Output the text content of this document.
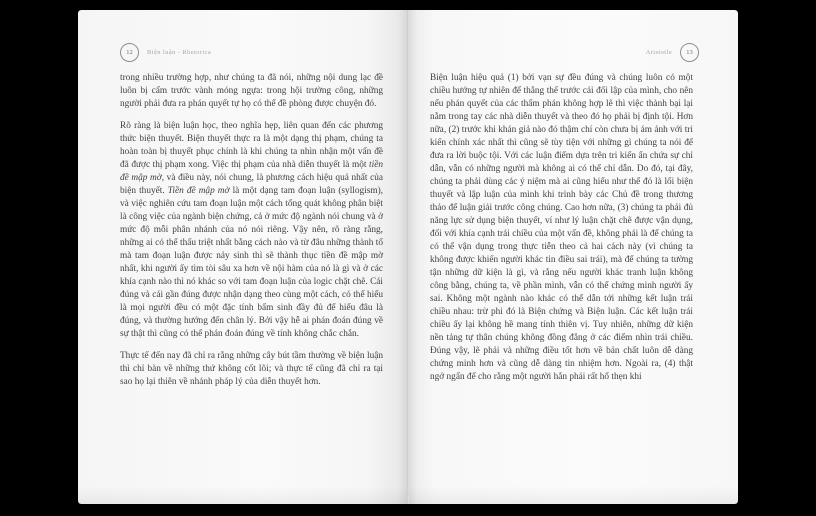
12	Biện luận - Rhetorica

trong nhiều trường hợp, như chúng ta đã nói, những nội dung lạc đề luôn bị cấm trước vành móng ngựa: trong hội trường công, những người phải đưa ra phán quyết tự họ có thể đề phòng được chuyện đó.

Rõ ràng là biện luận học, theo nghĩa hẹp, liên quan đến các phương thức biện thuyết. Biện thuyết thực ra là một dạng thị phạm, chúng ta hoàn toàn bị thuyết phục chính là khi chúng ta nhìn nhận một vấn đề đã được thị phạm xong. Việc thị phạm của nhà diễn thuyết là một tiền đề mập mờ, và điều này, nói chung, là phương cách hiệu quả nhất của biện thuyết. Tiền đề mập mờ là một dạng tam đoạn luận (syllogism), và việc nghiên cứu tam đoạn luận một cách tổng quát không phân biệt là công việc của ngành biện chứng, cả ở mức độ ngành nói chung và ở mức độ mỗi phân nhánh của nó nói riêng. Vậy nên, rõ ràng rằng, những ai có thể thấu triệt nhất bằng cách nào và từ đâu những thành tố mà tam đoạn luận được nảy sinh thì sẽ thành thục tiền đề mập mờ nhất, khi người ấy tìm tòi sâu xa hơn về nội hàm của nó là gì và ở các khía cạnh nào thì nó khác so với tam đoạn luận của logic chặt chẽ. Cái đúng và cái gần đúng được nhận dạng theo cùng một cách, có thể hiểu là mọi người đều có một đặc tính bẩm sinh đầy đủ để hiểu đâu là đúng, và thường hướng đến chân lý. Bởi vậy hễ ai phán đoán đúng về sự thật thì cũng có thể phán đoán đúng về tính không chắc chắn.

Thực tế đến nay đã chỉ ra rằng những cây bút tầm thường về biện luận thì chỉ bàn về những thứ không cốt lõi; và thực tế cũng đã chỉ ra tại sao họ lại thiên về nhánh pháp lý của diễn thuyết hơn.

Aristotle	13

Biện luận hiệu quả (1) bởi vạn sự đều đúng và chúng luôn có một chiều hướng tự nhiên để thắng thế trước cái đối lập của mình, cho nên nếu phán quyết của các thẩm phán không hợp lẽ thì việc thành bại lại nằm trong tay các nhà diễn thuyết và theo đó họ phải bị định tội. Hơn nữa, (2) trước khi khán giả nào đó thậm chí còn chưa bị ám ảnh với tri kiến chính xác nhất thì cũng sẽ tùy tiện với những gì chúng ta nói để đưa ra lời buộc tội. Với các luận điểm dựa trên tri kiến ẩn chứa sự chỉ dẫn, vẫn có những người mà không ai có thể chỉ dẫn. Do đó, tại đây, chúng ta phải dùng các ý niệm mà ai cũng hiểu như thể đó là lối biện thuyết và lập luận của mình khi trình bày các Chủ đề trong thương thảo để luận giải trước công chúng. Cao hơn nữa, (3) chúng ta phải đủ năng lực sử dụng biện thuyết, ví như lý luận chặt chẽ được vận dụng, đối với khía cạnh trái chiều của một vấn đề, không phải là để chúng ta có thể vận dụng trong thực tiễn theo cả hai cách này (vì chúng ta không được khiến người khác tin điều sai trái), mà để chúng ta tường tận những dữ kiện là gì, và rằng nếu người khác tranh luận không công bằng, chúng ta, về phần mình, vẫn có thể chứng minh người ấy sai. Không một ngành nào khác có thể dẫn tới những kết luận trái chiều nhau: trừ phi đó là Biện chứng và Biện luận. Các kết luận trái chiều ấy lại không hề mang tính thiên vị. Tuy nhiên, những dữ kiện nền tảng tự thân chúng không đồng đẳng ở các điểm nhìn trái chiều. Đúng vậy, lẽ phải và những điều tốt hơn về bản chất luôn dễ dàng chứng minh hơn và cũng dễ dàng tin nhiệm hơn. Ngoài ra, (4) thật ngớ ngẩn để cho rằng một người hẳn phải rất hổ thẹn khi
